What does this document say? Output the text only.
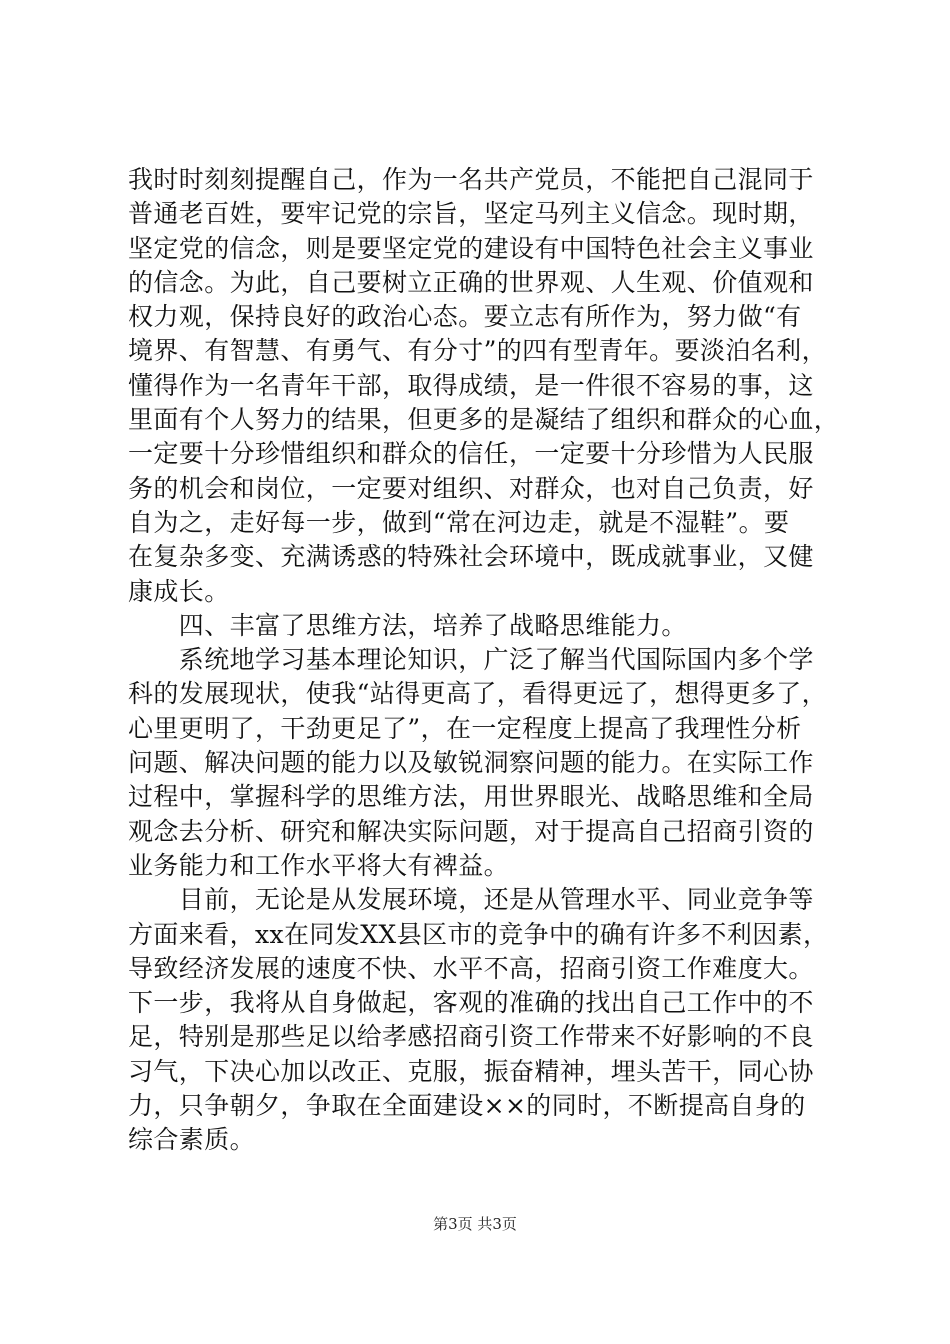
我时时刻刻提醒自己，作为一名共产党员，不能把自己混同于
普通老百姓，要牢记党的宗旨，坚定马列主义信念。现时期，
坚定党的信念，则是要坚定党的建设有中国特色社会主义事业
的信念。为此，自己要树立正确的世界观、人生观、价值观和
权力观，保持良好的政治心态。要立志有所作为，努力做“有
境界、有智慧、有勇气、有分寸”的四有型青年。要淡泊名利，
懂得作为一名青年干部，取得成绩，是一件很不容易的事，这
里面有个人努力的结果，但更多的是凝结了组织和群众的心血，
一定要十分珍惜组织和群众的信任，一定要十分珍惜为人民服
务的机会和岗位，一定要对组织、对群众，也对自己负责，好
自为之，走好每一步，做到“常在河边走，就是不湿鞋”。要
在复杂多变、充满诱惑的特殊社会环境中，既成就事业，又健
康成长。
　　四、丰富了思维方法，培养了战略思维能力。
　　系统地学习基本理论知识，广泛了解当代国际国内多个学
科的发展现状，使我“站得更高了，看得更远了，想得更多了，
心里更明了，干劲更足了”，在一定程度上提高了我理性分析
问题、解决问题的能力以及敏锐洞察问题的能力。在实际工作
过程中，掌握科学的思维方法，用世界眼光、战略思维和全局
观念去分析、研究和解决实际问题，对于提高自己招商引资的
业务能力和工作水平将大有裨益。
　　目前，无论是从发展环境，还是从管理水平、同业竞争等
方面来看，xx在同发XX县区市的竞争中的确有许多不利因素，
导致经济发展的速度不快、水平不高，招商引资工作难度大。
下一步，我将从自身做起，客观的准确的找出自己工作中的不
足，特别是那些足以给孝感招商引资工作带来不好影响的不良
习气，下决心加以改正、克服，振奋精神，埋头苦干，同心协
力，只争朝夕，争取在全面建设××的同时，不断提高自身的
综合素质。
第3页 共3页
